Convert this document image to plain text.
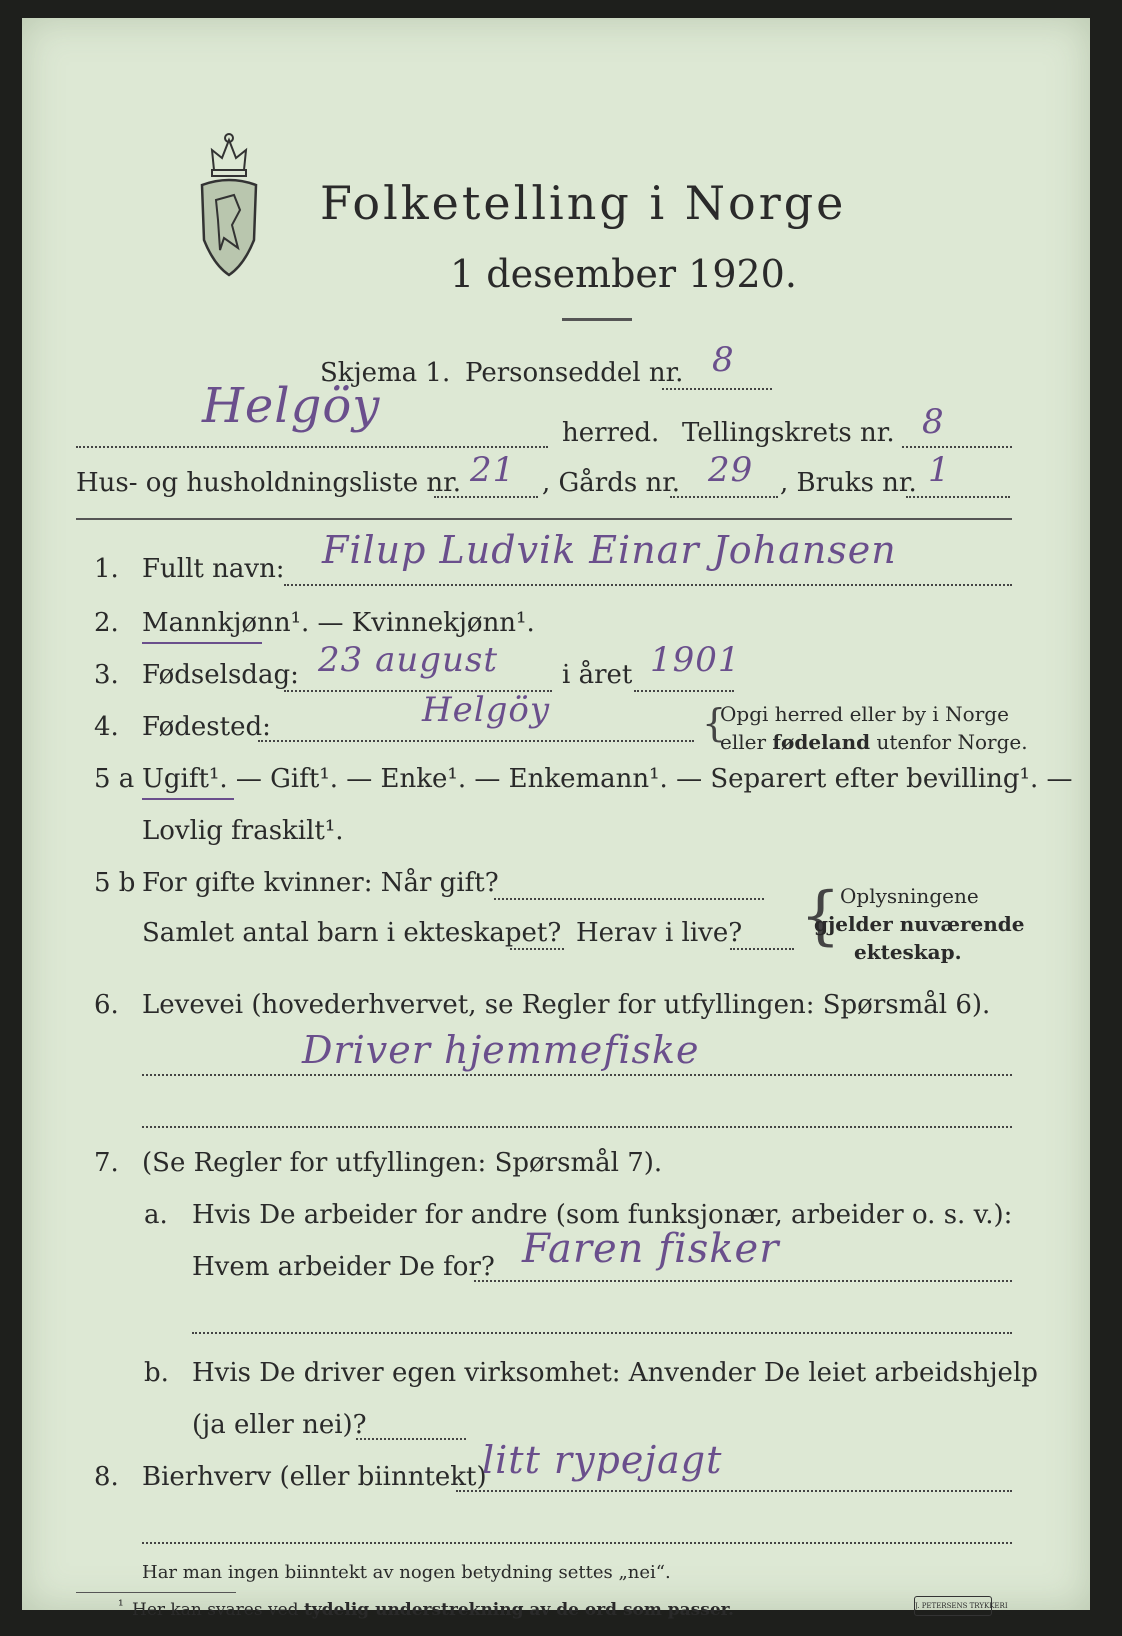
Folketelling i Norge
1 desember 1920.
Skjema 1. Personseddel nr. 8
Helgöy	herred. Tellingskrets nr. 8
Hus- og husholdningsliste nr. 21 , Gårds nr. 29 , Bruks nr. 1
1. Fullt navn: Filup Ludvik Einar Johansen
2. Mannkjønn¹. — Kvinnekjønn¹.
3. Fødselsdag: 23 august i året 1901
4. Fødested:	Helgöy	{
Opgi herred eller by i Norge
eller fødeland utenfor Norge.
5 a Ugift¹. — Gift¹. — Enke¹. — Enkemann¹. — Separert efter bevilling¹. —
Lovlig fraskilt¹.
5 b For gifte kvinner: Når gift?
Samlet antal barn i ekteskapet? Herav i live? { Oplysningene
gjelder nuværende
ekteskap.
6. Levevei (hovederhvervet, se Regler for utfyllingen: Spørsmål 6).
Driver hjemmefiske
7. (Se Regler for utfyllingen: Spørsmål 7).
a. Hvis De arbeider for andre (som funksjonær, arbeider o. s. v.):
Hvem arbeider De for? Faren fisker
b. Hvis De driver egen virksomhet: Anvender De leiet arbeidshjelp
(ja eller nei)?
8. Bierhverv (eller biinntekt)
litt rypejagt
Har man ingen biinntekt av nogen betydning settes „nei“.
¹ Her kan svares ved tydelig understrekning av de ord som passer.	J. PETERSENS TRYKKERI
